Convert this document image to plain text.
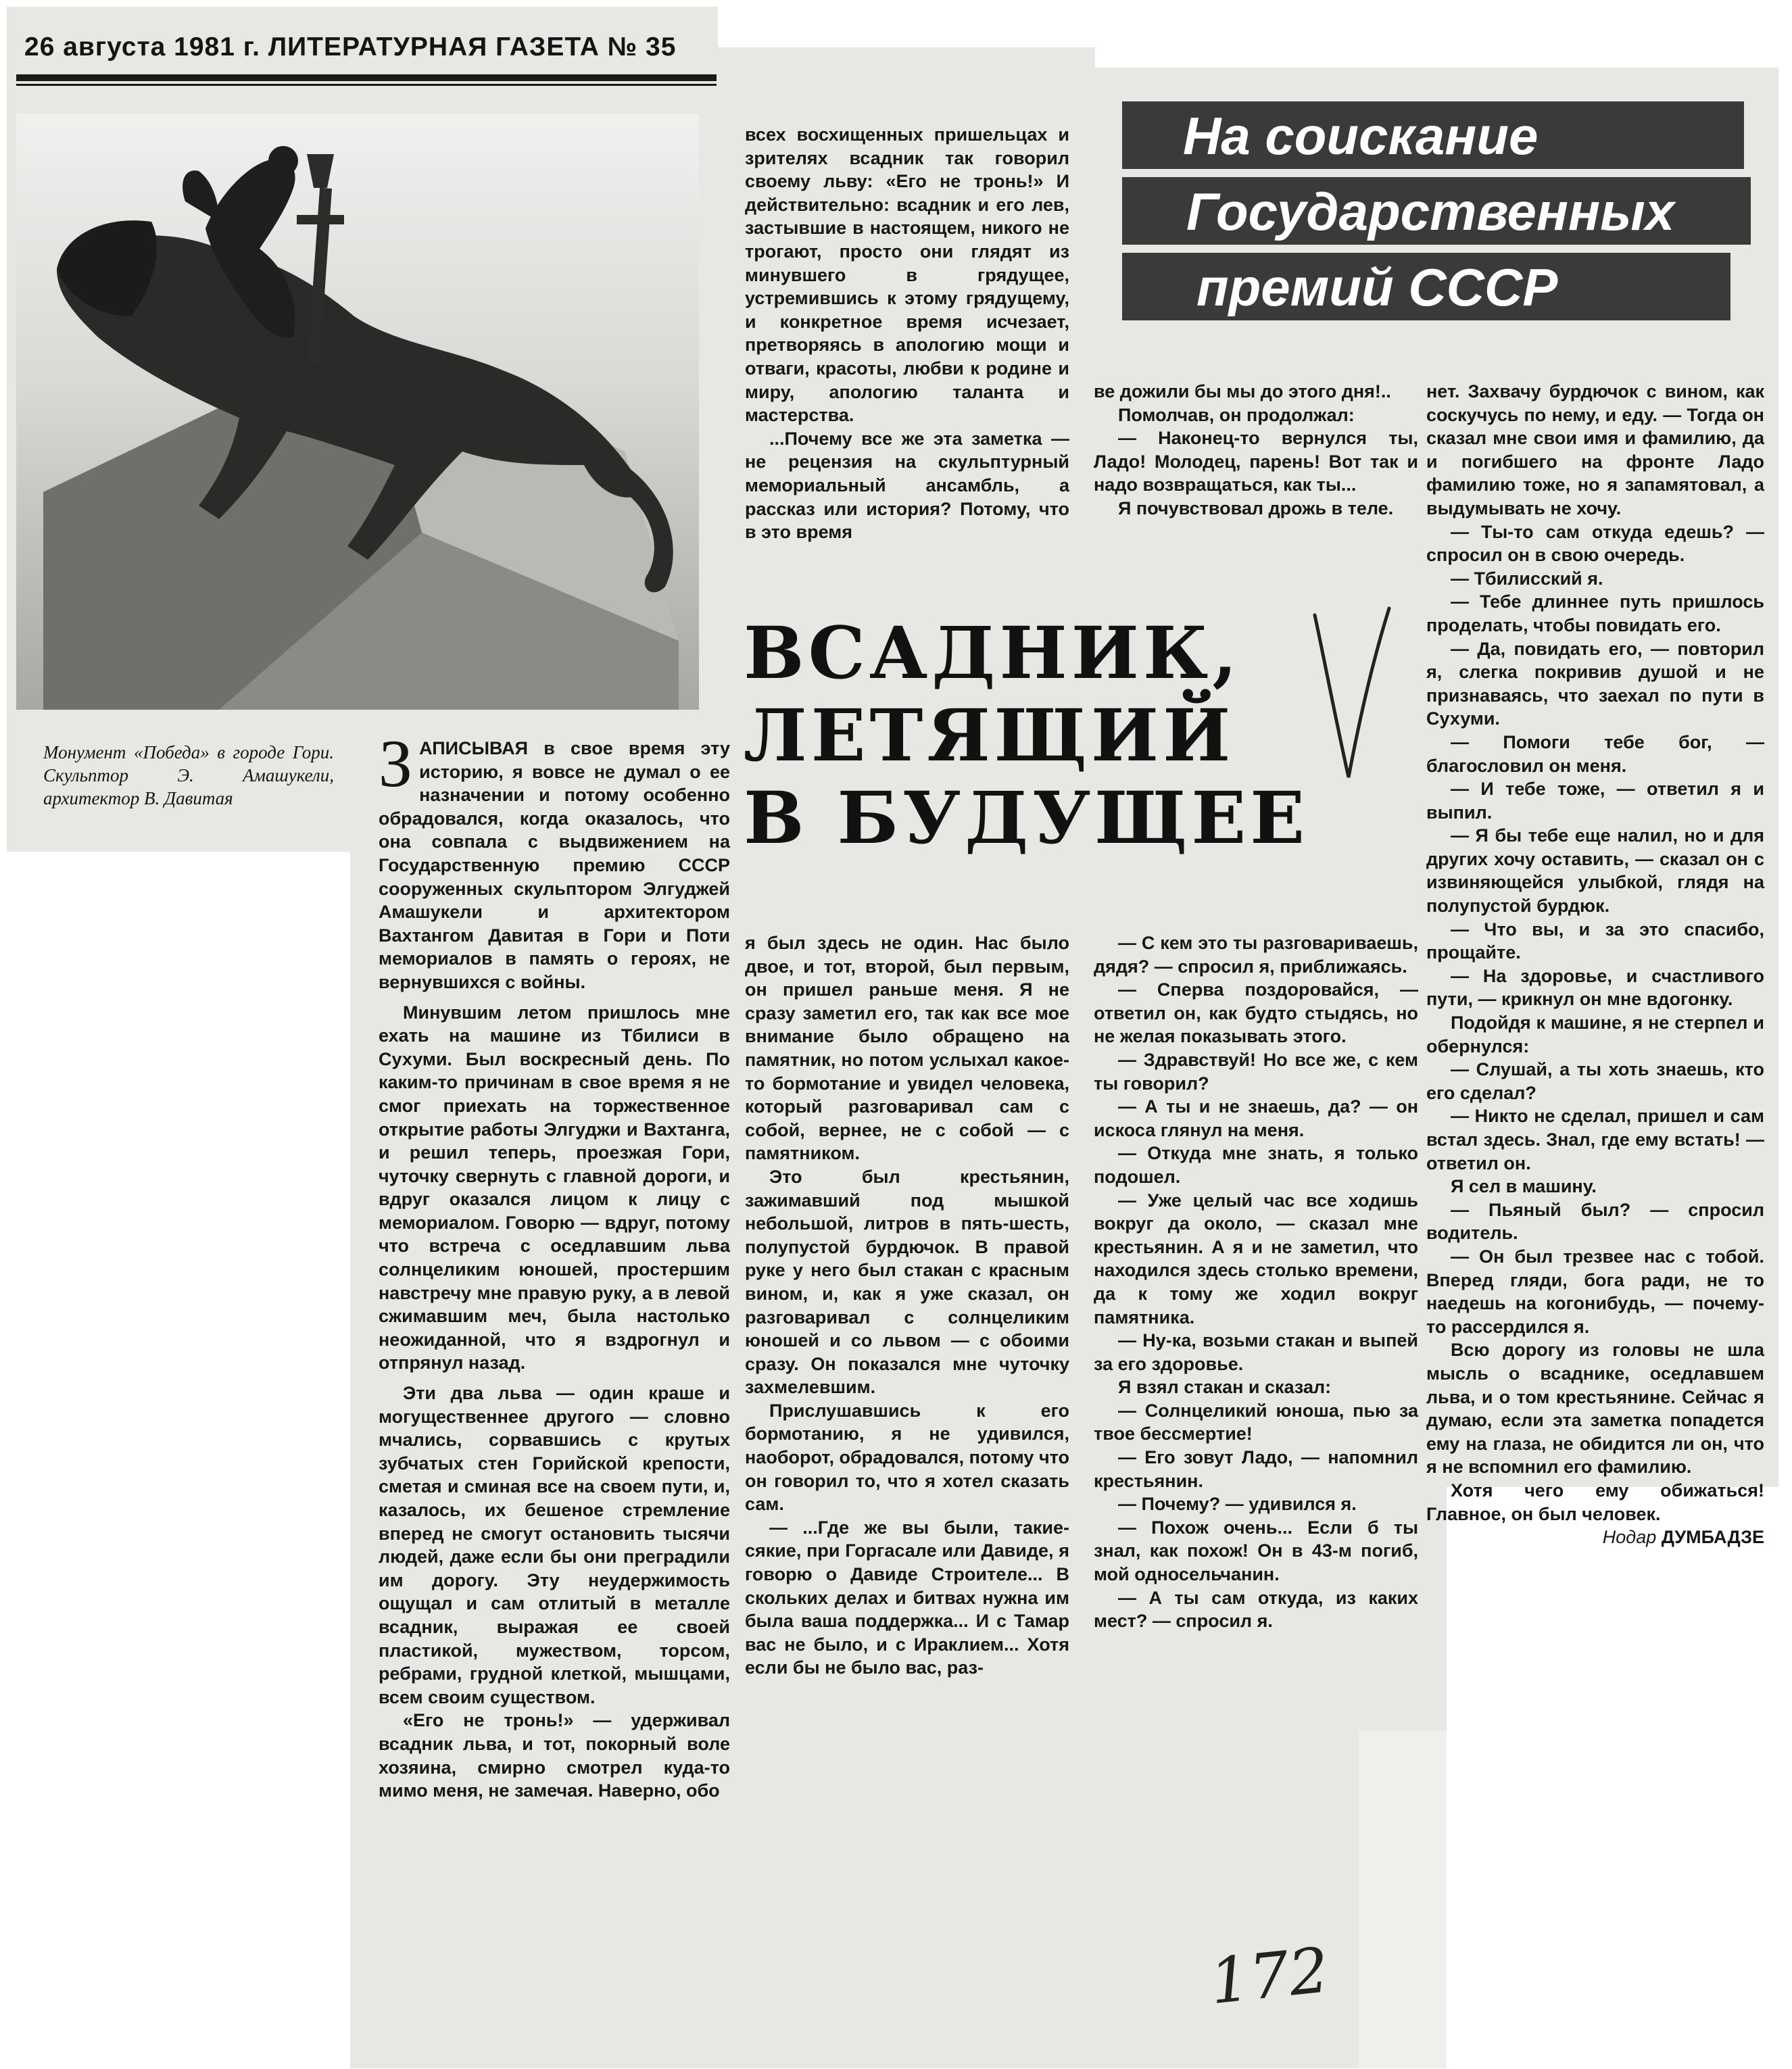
26 августа 1981 г. ЛИТЕРАТУРНАЯ ГАЗЕТА № 35
Монумент «Победа» в городе Гори. Скульптор Э. Амашукели, архитектор В. Давитая
На соискание
Государственных
премий СССР
ВСАДНИК,
ЛЕТЯЩИЙ
В БУДУЩЕЕ

ЗАПИСЫВАЯ в свое время эту историю, я вовсе не думал о ее назначении и потому особенно обрадовался, когда оказалось, что она совпала с выдвижением на Государственную премию СССР сооруженных скульптором Элгуджей Амашукели и архитектором Вахтангом Давитая в Гори и Поти мемориалов в память о героях, не вернувшихся с войны.

Минувшим летом пришлось мне ехать на машине из Тбилиси в Сухуми. Был воскресный день. По каким-то причинам в свое время я не смог приехать на торжественное открытие работы Элгуджи и Вахтанга, и решил теперь, проезжая Гори, чуточку свернуть с главной дороги, и вдруг оказался лицом к лицу с мемориалом. Говорю — вдруг, потому что встреча с оседлавшим льва солнцеликим юношей, простершим навстречу мне правую руку, а в левой сжимавшим меч, была настолько неожиданной, что я вздрогнул и отпрянул назад.

Эти два льва — один краше и могущественнее другого — словно мчались, сорвавшись с крутых зубчатых стен Горийской крепости, сметая и сминая все на своем пути, и, казалось, их бешеное стремление вперед не смогут остановить тысячи людей, даже если бы они преградили им дорогу. Эту неудержимость ощущал и сам отлитый в металле всадник, выражая ее своей пластикой, мужеством, торсом, ребрами, грудной клеткой, мышцами, всем своим существом.

«Его не тронь!» — удерживал всадник льва, и тот, покорный воле хозяина, смирно смотрел куда-то мимо меня, не замечая. Наверно, обо

всех восхищенных пришельцах и зрителях всадник так говорил своему льву: «Его не тронь!» И действительно: всадник и его лев, застывшие в настоящем, никого не трогают, просто они глядят из минувшего в грядущее, устремившись к этому грядущему, и конкретное время исчезает, претворяясь в апологию мощи и отваги, красоты, любви к родине и миру, апологию таланта и мастерства.

...Почему все же эта заметка — не рецензия на скульптурный мемориальный ансамбль, а рассказ или история? Потому, что в это время

я был здесь не один. Нас было двое, и тот, второй, был первым, он пришел раньше меня. Я не сразу заметил его, так как все мое внимание было обращено на памятник, но потом услыхал какое-то бормотание и увидел человека, который разговаривал сам с собой, вернее, не с собой — с памятником.

Это был крестьянин, зажимавший под мышкой небольшой, литров в пять-шесть, полупустой бурдючок. В правой руке у него был стакан с красным вином, и, как я уже сказал, он разговаривал с солнцеликим юношей и со львом — с обоими сразу. Он показался мне чуточку захмелевшим.

Прислушавшись к его бормотанию, я не удивился, наоборот, обрадовался, потому что он говорил то, что я хотел сказать сам.

— ...Где же вы были, такие-сякие, при Горгасале или Давиде, я говорю о Давиде Строителе... В скольких делах и битвах нужна им была ваша поддержка... И с Тамар вас не было, и с Ираклием... Хотя если бы не было вас, раз-

ве дожили бы мы до этого дня!..

Помолчав, он продолжал:

— Наконец-то вернулся ты, Ладо! Молодец, парень! Вот так и надо возвращаться, как ты...

Я почувствовал дрожь в теле.

— С кем это ты разговариваешь, дядя? — спросил я, приближаясь.

— Сперва поздоровайся, — ответил он, как будто стыдясь, но не желая показывать этого.

— Здравствуй! Но все же, с кем ты говорил?

— А ты и не знаешь, да? — он искоса глянул на меня.

— Откуда мне знать, я только подошел.

— Уже целый час все ходишь вокруг да около, — сказал мне крестьянин. А я и не заметил, что находился здесь столько времени, да к тому же ходил вокруг памятника.

— Ну-ка, возьми стакан и выпей за его здоровье.

Я взял стакан и сказал:

— Солнцеликий юноша, пью за твое бессмертие!

— Его зовут Ладо, — напомнил крестьянин.

— Почему? — удивился я.

— Похож очень... Если б ты знал, как похож! Он в 43-м погиб, мой односельчанин.

— А ты сам откуда, из каких мест? — спросил я.

нет. Захвачу бурдючок с вином, как соскучусь по нему, и еду. — Тогда он сказал мне свои имя и фамилию, да и погибшего на фронте Ладо фамилию тоже, но я запамятовал, а выдумывать не хочу.

— Ты-то сам откуда едешь? — спросил он в свою очередь.

— Тбилисский я.

— Тебе длиннее путь пришлось проделать, чтобы повидать его.

— Да, повидать его, — повторил я, слегка покривив душой и не признаваясь, что заехал по пути в Сухуми.

— Помоги тебе бог, — благословил он меня.

— И тебе тоже, — ответил я и выпил.

— Я бы тебе еще налил, но и для других хочу оставить, — сказал он с извиняющейся улыбкой, глядя на полупустой бурдюк.

— Что вы, и за это спасибо, прощайте.

— На здоровье, и счастливого пути, — крикнул он мне вдогонку.

Подойдя к машине, я не стерпел и обернулся:

— Слушай, а ты хоть знаешь, кто его сделал?

— Никто не сделал, пришел и сам встал здесь. Знал, где ему встать! — ответил он.

Я сел в машину.

— Пьяный был? — спросил водитель.

— Он был трезвее нас с тобой. Вперед гляди, бога ради, не то наедешь на когонибудь, — почему-то рассердился я.

Всю дорогу из головы не шла мысль о всаднике, оседлавшем льва, и о том крестьянине. Сейчас я думаю, если эта заметка попадется ему на глаза, не обидится ли он, что я не вспомнил его фамилию.

Хотя чего ему обижаться! Главное, он был человек.

Нодар ДУМБАДЗЕ

172
